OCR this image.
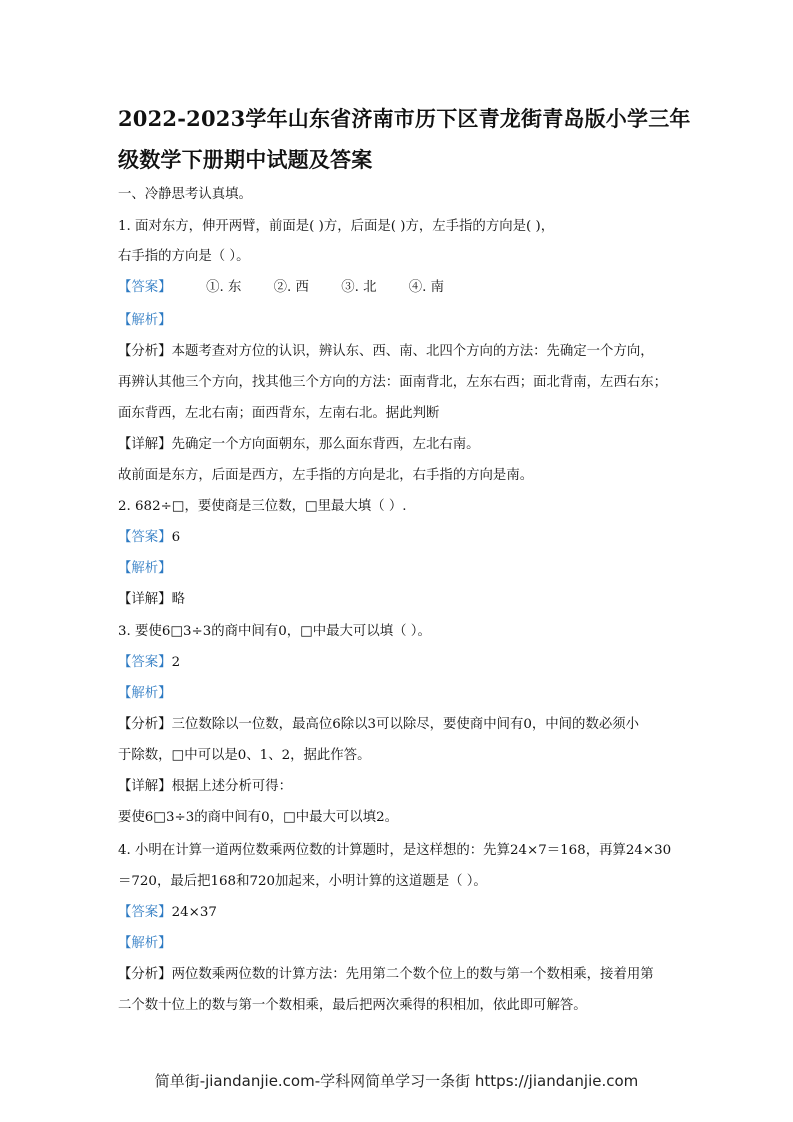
2022-2023学年山东省济南市历下区青龙街青岛版小学三年
级数学下册期中试题及答案
一、冷静思考认真填。
1. 面对东方，伸开两臂，前面是( )方，后面是( )方，左手指的方向是( )，
右手指的方向是（ ）。
【答案】	①. 东 ②. 西 ③. 北 ④. 南
【解析】
【分析】本题考查对方位的认识，辨认东、西、南、北四个方向的方法：先确定一个方向，
再辨认其他三个方向，找其他三个方向的方法：面南背北，左东右西；面北背南，左西右东；
面东背西，左北右南；面西背东，左南右北。据此判断
【详解】先确定一个方向面朝东，那么面东背西，左北右南。
故前面是东方，后面是西方，左手指的方向是北，右手指的方向是南。
2. 682÷□，要使商是三位数，□里最大填（ ）.
【答案】6
【解析】
【详解】略
3. 要使6□3÷3的商中间有0，□中最大可以填（ ）。
【答案】2
【解析】
【分析】三位数除以一位数，最高位6除以3可以除尽，要使商中间有0，中间的数必须小
于除数，□中可以是0、1、2，据此作答。
【详解】根据上述分析可得：
要使6□3÷3的商中间有0，□中最大可以填2。
4. 小明在计算一道两位数乘两位数的计算题时，是这样想的：先算24×7＝168，再算24×30
＝720，最后把168和720加起来，小明计算的这道题是（ ）。
【答案】24×37
【解析】
【分析】两位数乘两位数的计算方法：先用第二个数个位上的数与第一个数相乘，接着用第
二个数十位上的数与第一个数相乘，最后把两次乘得的积相加，依此即可解答。
简单街-jiandanjie.com-学科网简单学习一条街 https://jiandanjie.com
